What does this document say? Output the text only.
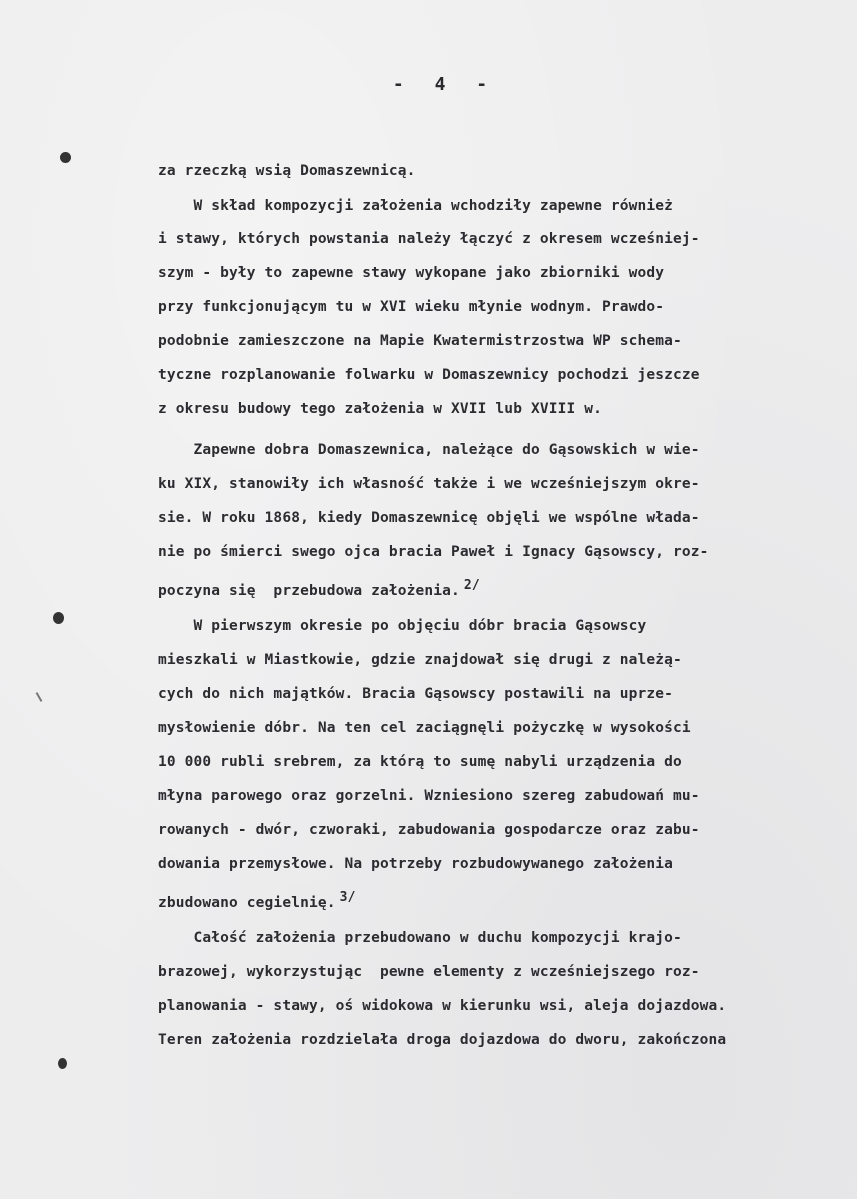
- 4 -
za rzeczką wsią Domaszewnicą.
W skład kompozycji założenia wchodziły zapewne również
i stawy, których powstania należy łączyć z okresem wcześniej-
szym - były to zapewne stawy wykopane jako zbiorniki wody
przy funkcjonującym tu w XVI wieku młynie wodnym. Prawdo-
podobnie zamieszczone na Mapie Kwatermistrzostwa WP schema-
tyczne rozplanowanie folwarku w Domaszewnicy pochodzi jeszcze
z okresu budowy tego założenia w XVII lub XVIII w.
Zapewne dobra Domaszewnica, należące do Gąsowskich w wie-
ku XIX, stanowiły ich własność także i we wcześniejszym okre-
sie. W roku 1868, kiedy Domaszewnicę objęli we wspólne włada-
nie po śmierci swego ojca bracia Paweł i Ignacy Gąsowscy, roz-
poczyna się  przebudowa założenia. 2/
W pierwszym okresie po objęciu dóbr bracia Gąsowscy
mieszkali w Miastkowie, gdzie znajdował się drugi z należą-
cych do nich majątków. Bracia Gąsowscy postawili na uprze-
mysłowienie dóbr. Na ten cel zaciągnęli pożyczkę w wysokości
10 000 rubli srebrem, za którą to sumę nabyli urządzenia do
młyna parowego oraz gorzelni. Wzniesiono szereg zabudowań mu-
rowanych - dwór, czworaki, zabudowania gospodarcze oraz zabu-
dowania przemysłowe. Na potrzeby rozbudowywanego założenia
zbudowano cegielnię. 3/
Całość założenia przebudowano w duchu kompozycji krajo-
brazowej, wykorzystując  pewne elementy z wcześniejszego roz-
planowania - stawy, oś widokowa w kierunku wsi, aleja dojazdowa.
Teren założenia rozdzielała droga dojazdowa do dworu, zakończona
